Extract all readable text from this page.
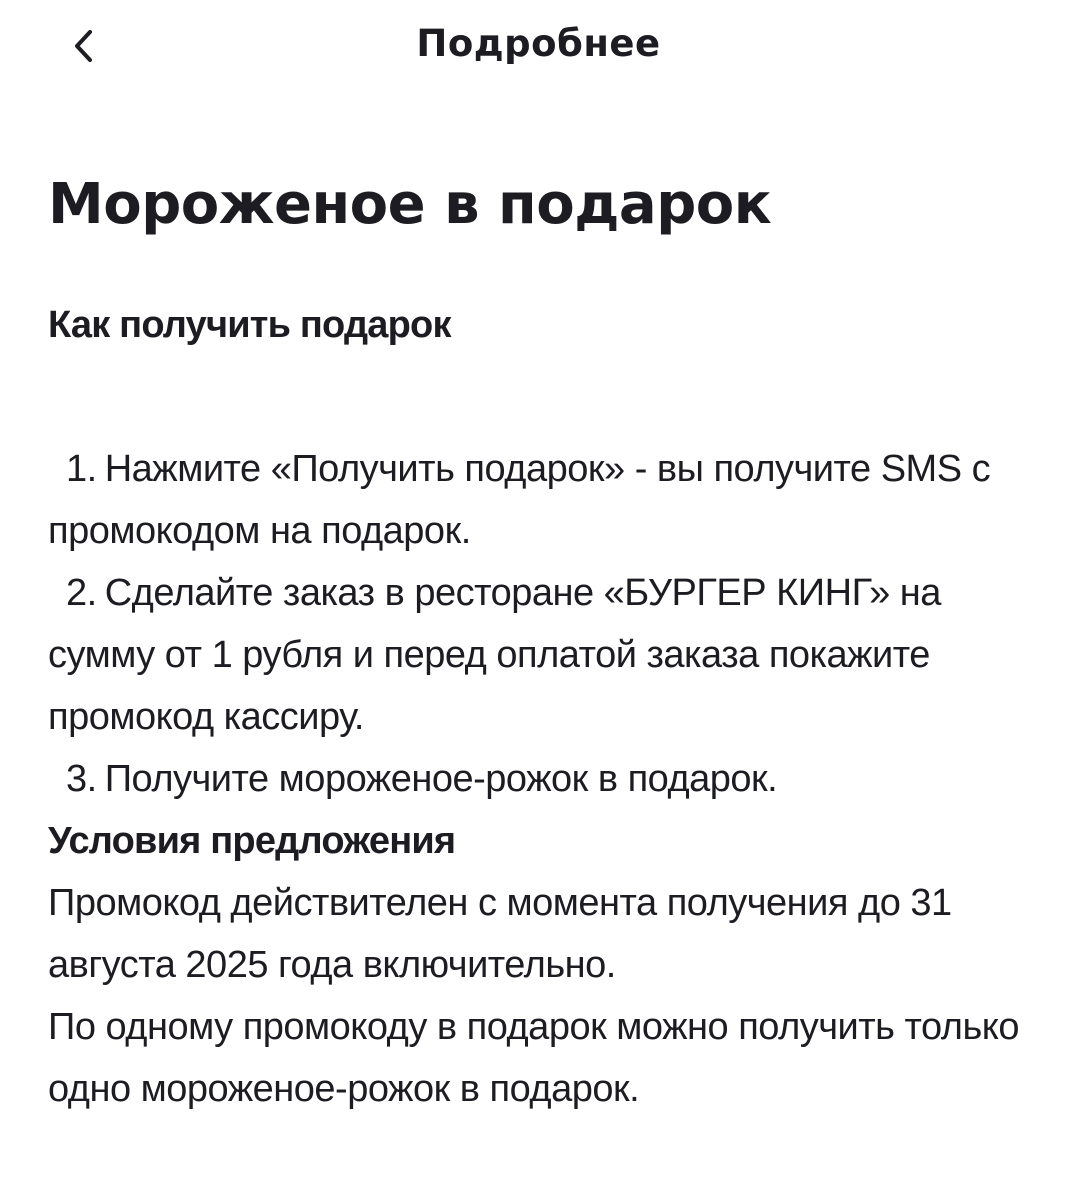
Подробнее
Мороженое в подарок
Как получить подарок

1. Нажмите «Получить подарок» - вы получите SMS с промокодом на подарок.

2. Сделайте заказ в ресторане «БУРГЕР КИНГ» на сумму от 1 рубля и перед оплатой заказа покажите промокод кассиру.

3. Получите мороженое-рожок в подарок.

Условия предложения

Промокод действителен с момента получения до 31 августа 2025 года включительно.

По одному промокоду в подарок можно получить только одно мороженое-рожок в подарок.
